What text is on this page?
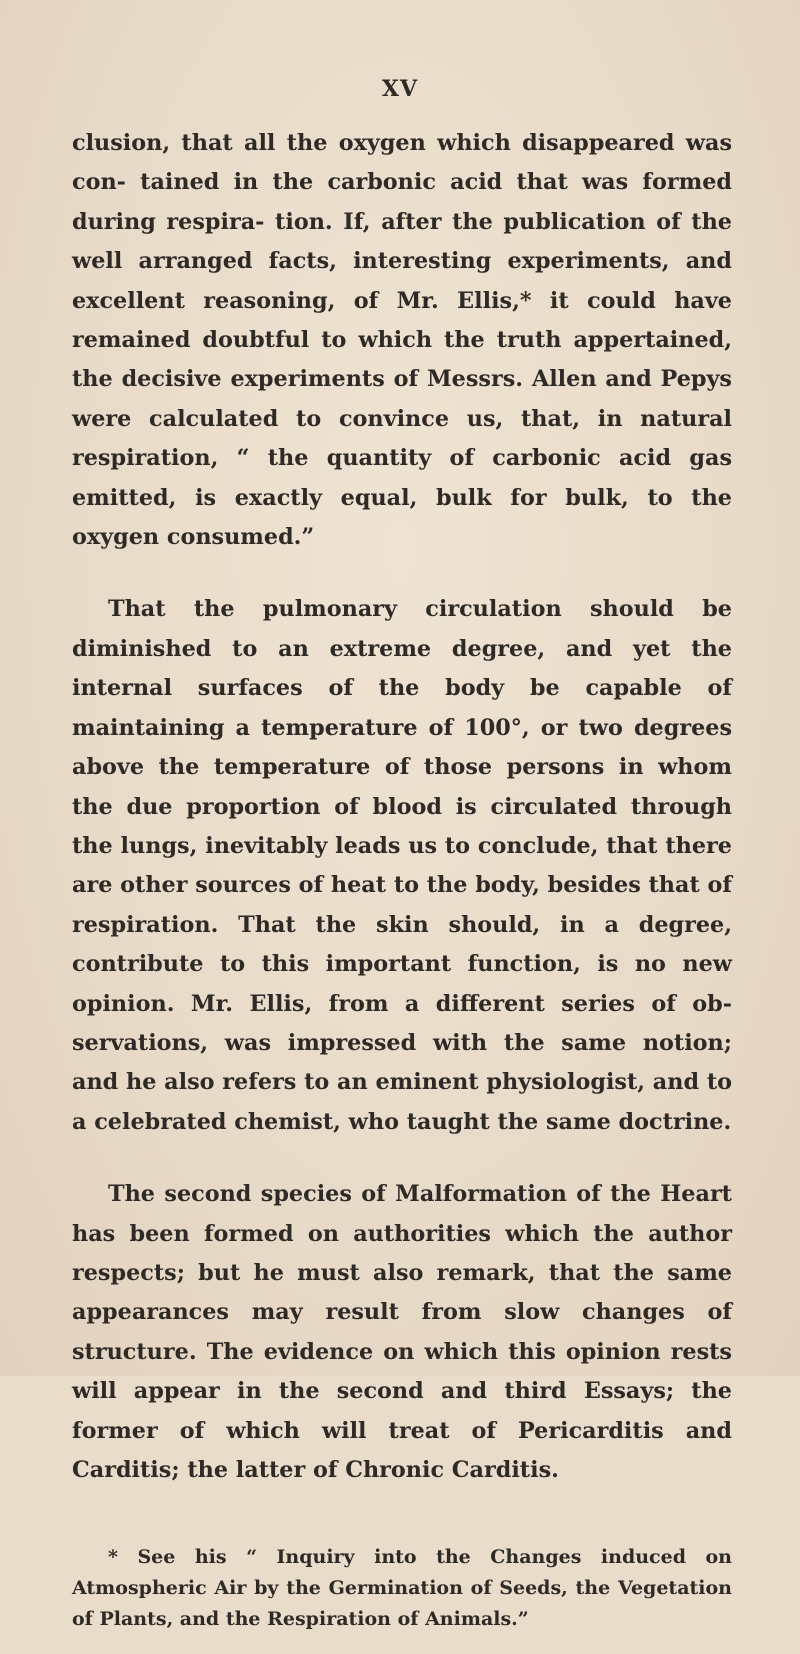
XV

clusion, that all the oxygen which disappeared was con- tained in the carbonic acid that was formed during respira- tion. If, after the publication of the well arranged facts, interesting experiments, and excellent reasoning, of Mr. Ellis,* it could have remained doubtful to which the truth appertained, the decisive experiments of Messrs. Allen and Pepys were calculated to convince us, that, in natural respiration, “ the quantity of carbonic acid gas emitted, is exactly equal, bulk for bulk, to the oxygen consumed.”

That the pulmonary circulation should be diminished to an extreme degree, and yet the internal surfaces of the body be capable of maintaining a temperature of 100°, or two degrees above the temperature of those persons in whom the due proportion of blood is circulated through the lungs, inevitably leads us to conclude, that there are other sources of heat to the body, besides that of respiration. That the skin should, in a degree, contribute to this important function, is no new opinion. Mr. Ellis, from a different series of ob- servations, was impressed with the same notion; and he also refers to an eminent physiologist, and to a celebrated chemist, who taught the same doctrine.

The second species of Malformation of the Heart has been formed on authorities which the author respects; but he must also remark, that the same appearances may result from slow changes of structure. The evidence on which this opinion rests will appear in the second and third Essays; the former of which will treat of Pericarditis and Carditis; the latter of Chronic Carditis.

* See his “ Inquiry into the Changes induced on Atmospheric Air by the Germination of Seeds, the Vegetation of Plants, and the Respiration of Animals.”
